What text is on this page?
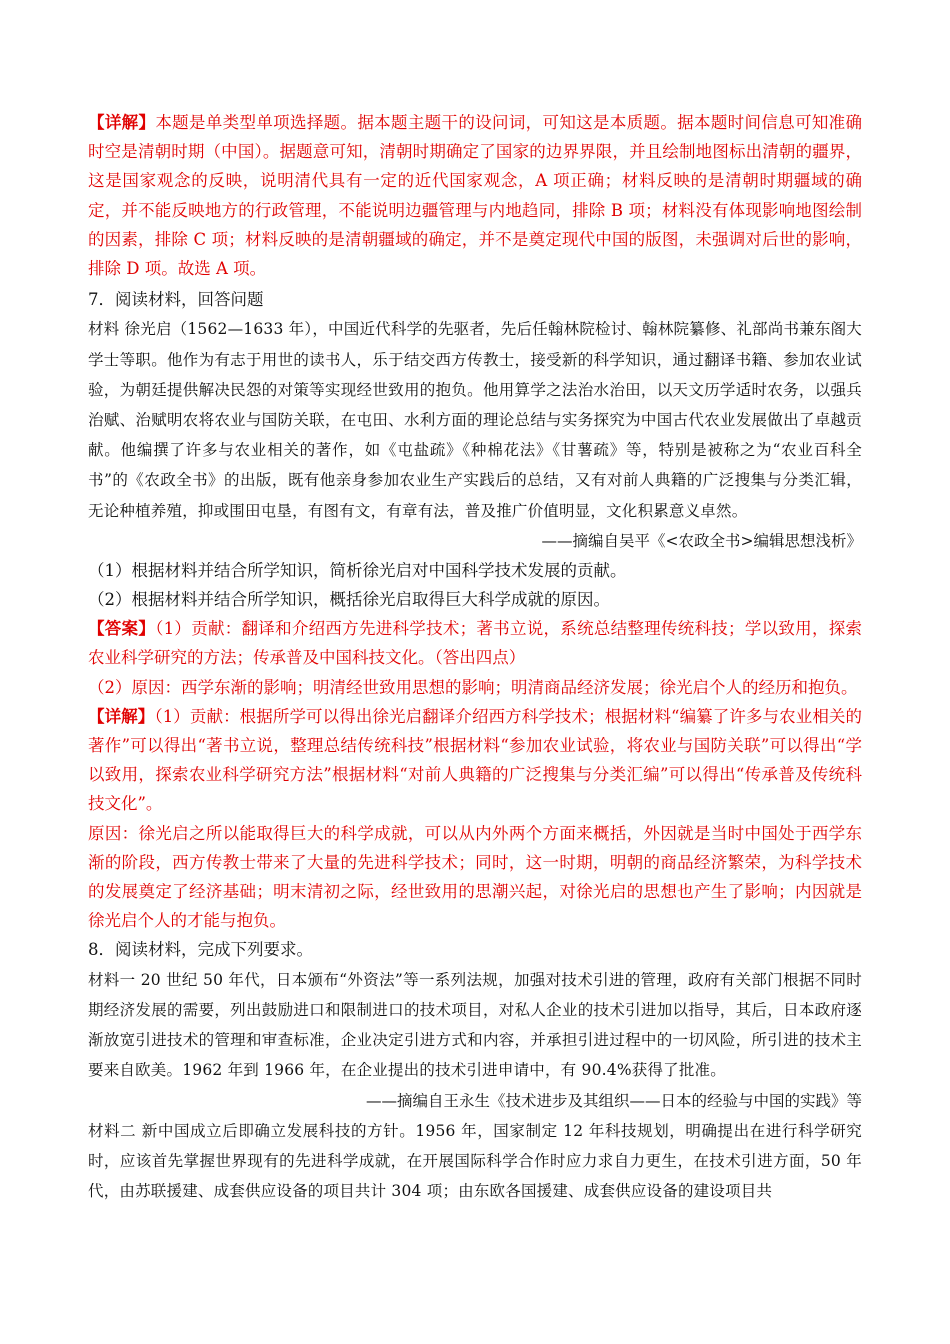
【详解】本题是单类型单项选择题。据本题主题干的设问词，可知这是本质题。据本题时间信息可知准确时空是清朝时期（中国）。据题意可知，清朝时期确定了国家的边界界限，并且绘制地图标出清朝的疆界，这是国家观念的反映，说明清代具有一定的近代国家观念，A 项正确；材料反映的是清朝时期疆域的确定，并不能反映地方的行政管理，不能说明边疆管理与内地趋同，排除 B 项；材料没有体现影响地图绘制的因素，排除 C 项；材料反映的是清朝疆域的确定，并不是奠定现代中国的版图，未强调对后世的影响，排除 D 项。故选 A 项。

7．阅读材料，回答问题

材料 徐光启（1562—1633 年），中国近代科学的先驱者，先后任翰林院检讨、翰林院纂修、礼部尚书兼东阁大学士等职。他作为有志于用世的读书人，乐于结交西方传教士，接受新的科学知识，通过翻译书籍、参加农业试验，为朝廷提供解决民怨的对策等实现经世致用的抱负。他用算学之法治水治田，以天文历学适时农务，以强兵治赋、治赋明农将农业与国防关联，在屯田、水利方面的理论总结与实务探究为中国古代农业发展做出了卓越贡献。他编撰了许多与农业相关的著作，如《屯盐疏》《种棉花法》《甘薯疏》等，特别是被称之为“农业百科全书”的《农政全书》的出版，既有他亲身参加农业生产实践后的总结，又有对前人典籍的广泛搜集与分类汇辑，无论种植养殖，抑或围田屯垦，有图有文，有章有法，普及推广价值明显，文化积累意义卓然。

——摘编自吴平《<农政全书>编辑思想浅析》

（1）根据材料并结合所学知识，简析徐光启对中国科学技术发展的贡献。

（2）根据材料并结合所学知识，概括徐光启取得巨大科学成就的原因。

【答案】（1）贡献：翻译和介绍西方先进科学技术；著书立说，系统总结整理传统科技；学以致用，探索农业科学研究的方法；传承普及中国科技文化。（答出四点）

（2）原因：西学东渐的影响；明清经世致用思想的影响；明清商品经济发展；徐光启个人的经历和抱负。

【详解】（1）贡献：根据所学可以得出徐光启翻译介绍西方科学技术；根据材料“编纂了许多与农业相关的著作”可以得出“著书立说，整理总结传统科技”根据材料“参加农业试验，将农业与国防关联”可以得出“学以致用，探索农业科学研究方法”根据材料“对前人典籍的广泛搜集与分类汇编”可以得出“传承普及传统科技文化”。

原因：徐光启之所以能取得巨大的科学成就，可以从内外两个方面来概括，外因就是当时中国处于西学东渐的阶段，西方传教士带来了大量的先进科学技术；同时，这一时期，明朝的商品经济繁荣，为科学技术的发展奠定了经济基础；明末清初之际，经世致用的思潮兴起，对徐光启的思想也产生了影响；内因就是徐光启个人的才能与抱负。

8．阅读材料，完成下列要求。

材料一 20 世纪 50 年代，日本颁布“外资法”等一系列法规，加强对技术引进的管理，政府有关部门根据不同时期经济发展的需要，列出鼓励进口和限制进口的技术项目，对私人企业的技术引进加以指导，其后，日本政府逐渐放宽引进技术的管理和审查标准，企业决定引进方式和内容，并承担引进过程中的一切风险，所引进的技术主要来自欧美。1962 年到 1966 年，在企业提出的技术引进申请中，有 90.4%获得了批准。

——摘编自王永生《技术进步及其组织——日本的经验与中国的实践》等

材料二 新中国成立后即确立发展科技的方针。1956 年，国家制定 12 年科技规划，明确提出在进行科学研究时，应该首先掌握世界现有的先进科学成就，在开展国际科学合作时应力求自力更生，在技术引进方面，50 年代，由苏联援建、成套供应设备的项目共计 304 项；由东欧各国援建、成套供应设备的建设项目共
